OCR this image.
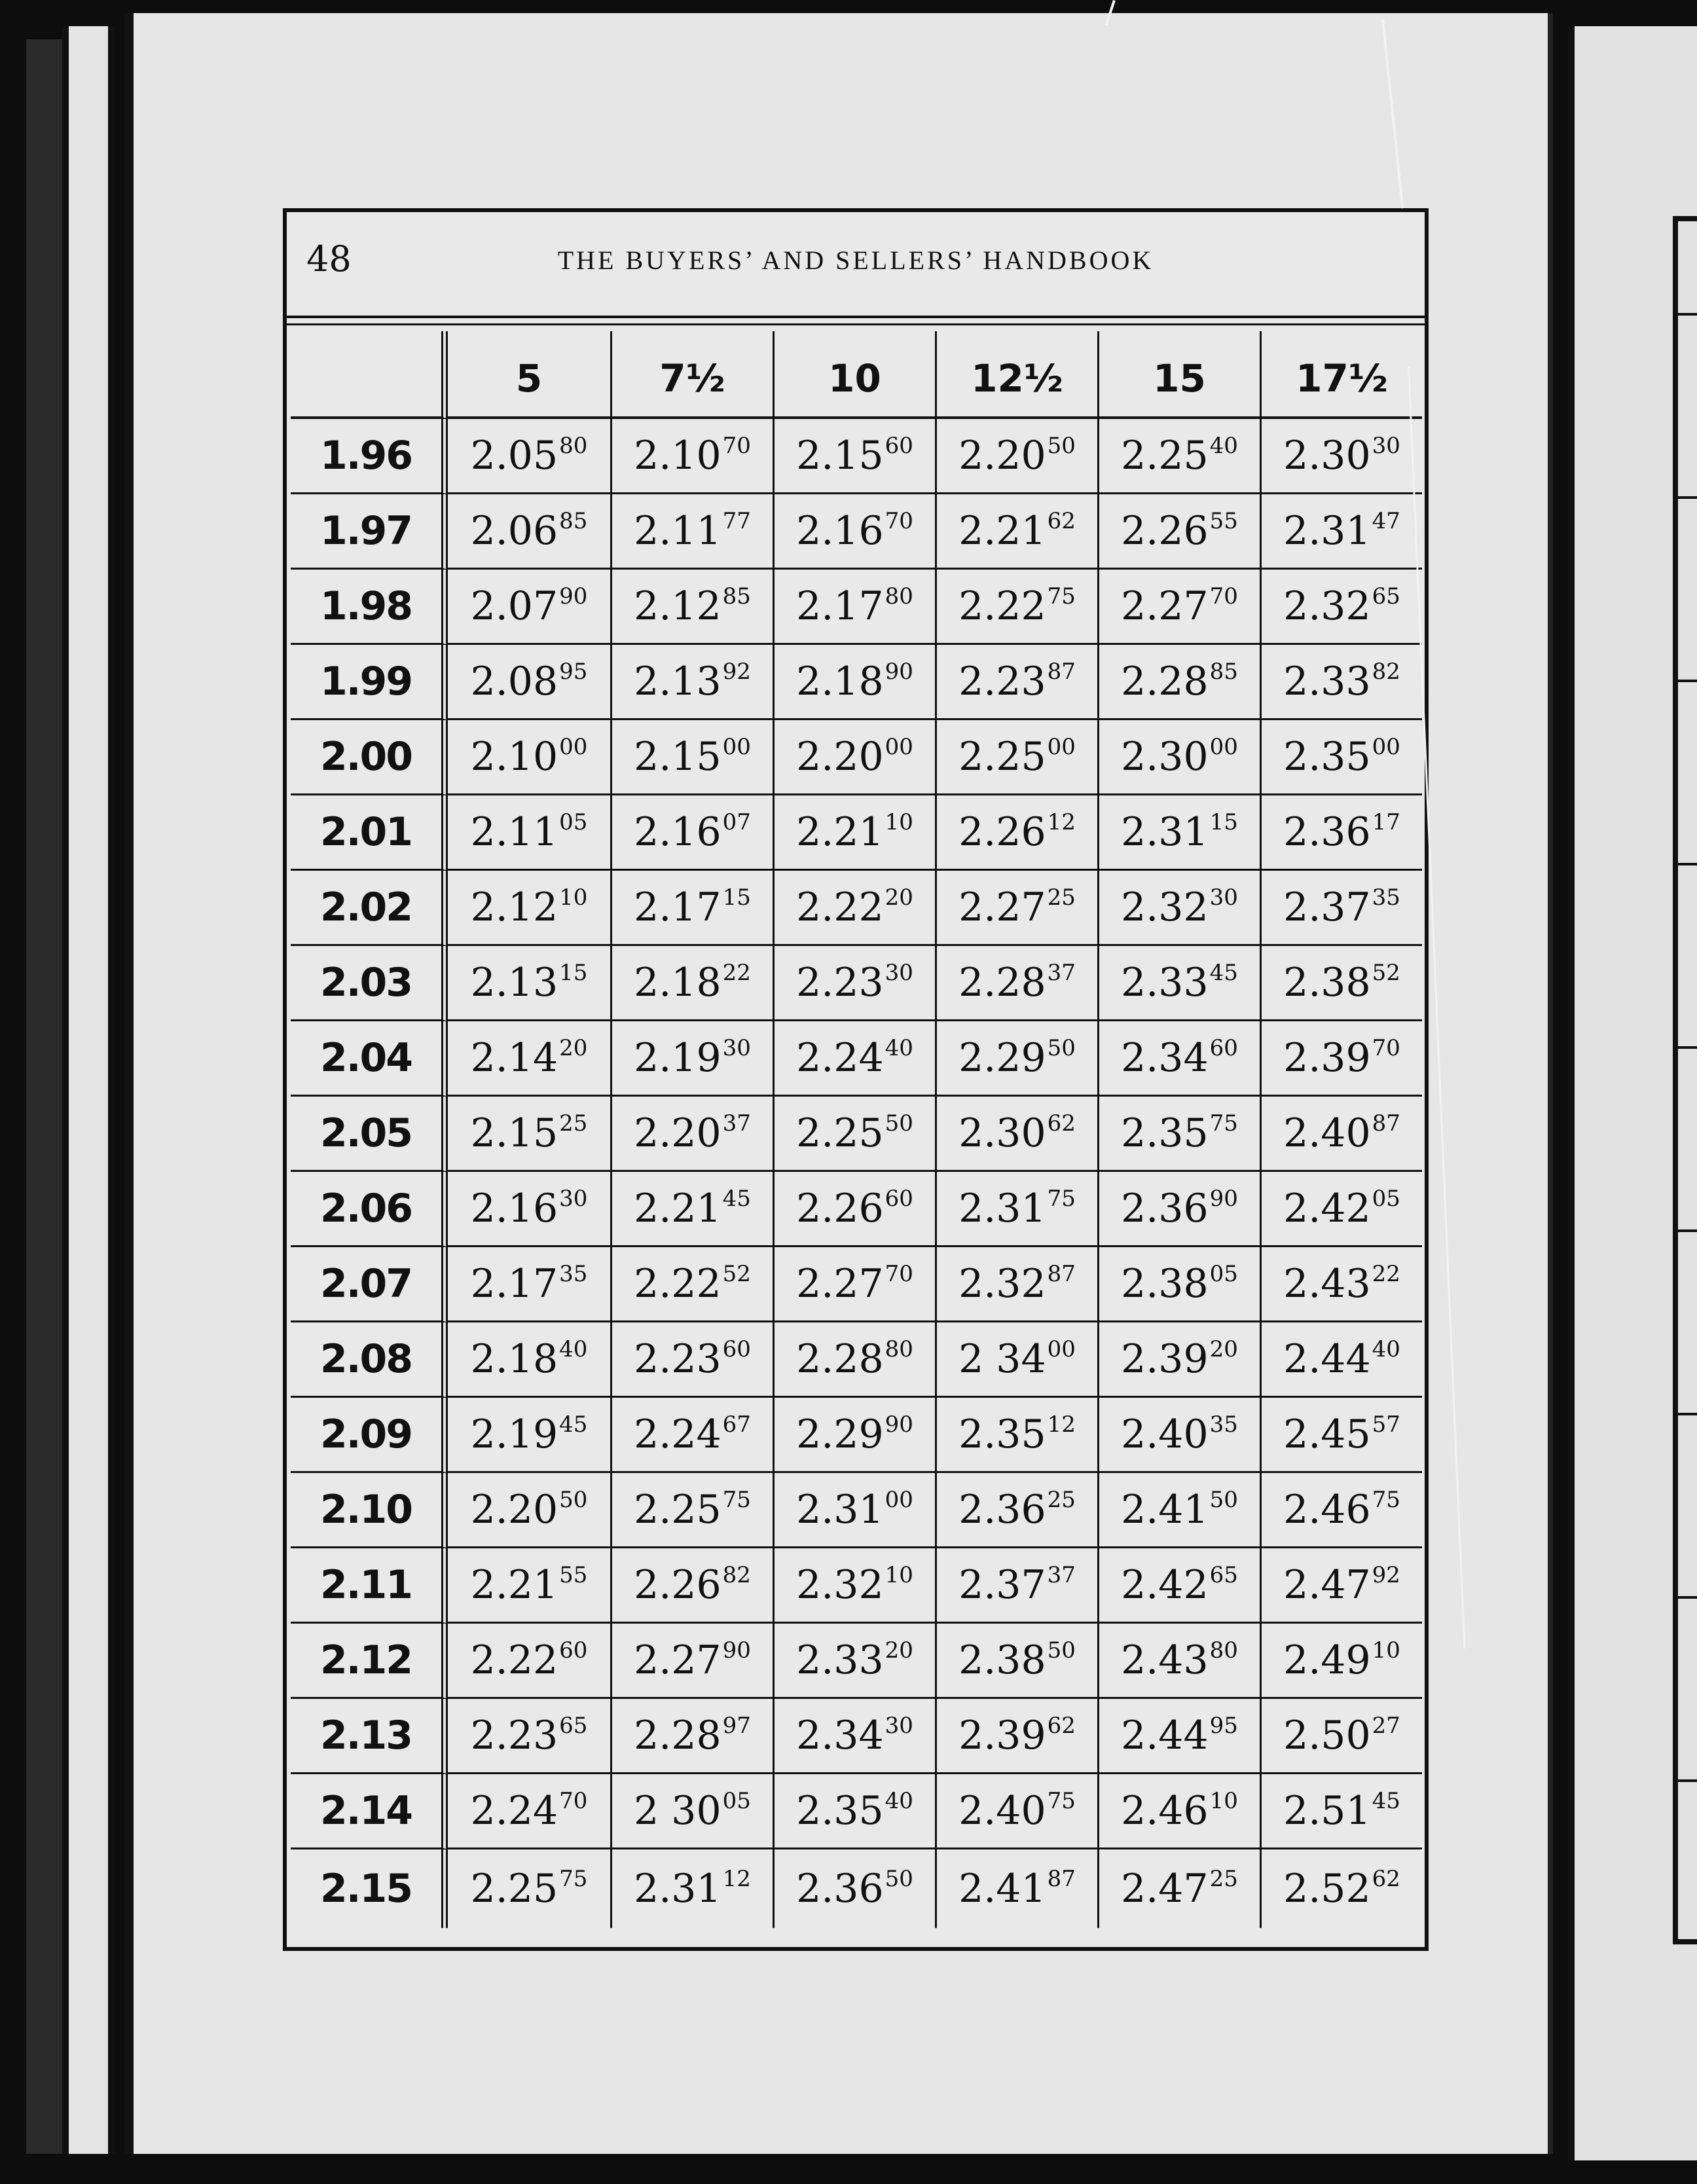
48	THE BUYERS’ AND SELLERS’ HANDBOOK
	5	7½	10	12½	15	17½
1.96	2.05$^{80}$	2.10$^{70}$	2.15$^{60}$	2.20$^{50}$	2.25$^{40}$	2.30$^{30}$
1.97	2.06$^{85}$	2.11$^{77}$	2.16$^{70}$	2.21$^{62}$	2.26$^{55}$	2.31$^{47}$
1.98	2.07$^{90}$	2.12$^{85}$	2.17$^{80}$	2.22$^{75}$	2.27$^{70}$	2.32$^{65}$
1.99	2.08$^{95}$	2.13$^{92}$	2.18$^{90}$	2.23$^{87}$	2.28$^{85}$	2.33$^{82}$
2.00	2.10$^{00}$	2.15$^{00}$	2.20$^{00}$	2.25$^{00}$	2.30$^{00}$	2.35$^{00}$
2.01	2.11$^{05}$	2.16$^{07}$	2.21$^{10}$	2.26$^{12}$	2.31$^{15}$	2.36$^{17}$
2.02	2.12$^{10}$	2.17$^{15}$	2.22$^{20}$	2.27$^{25}$	2.32$^{30}$	2.37$^{35}$
2.03	2.13$^{15}$	2.18$^{22}$	2.23$^{30}$	2.28$^{37}$	2.33$^{45}$	2.38$^{52}$
2.04	2.14$^{20}$	2.19$^{30}$	2.24$^{40}$	2.29$^{50}$	2.34$^{60}$	2.39$^{70}$
2.05	2.15$^{25}$	2.20$^{37}$	2.25$^{50}$	2.30$^{62}$	2.35$^{75}$	2.40$^{87}$
2.06	2.16$^{30}$	2.21$^{45}$	2.26$^{60}$	2.31$^{75}$	2.36$^{90}$	2.42$^{05}$
2.07	2.17$^{35}$	2.22$^{52}$	2.27$^{70}$	2.32$^{87}$	2.38$^{05}$	2.43$^{22}$
2.08	2.18$^{40}$	2.23$^{60}$	2.28$^{80}$	2 $34^{00}$	2.39$^{20}$	2.44$^{40}$
2.09	2.19$^{45}$	2.24$^{67}$	2.29$^{90}$	2.35$^{12}$	2.40$^{35}$	2.45$^{57}$
2.10	2.20$^{50}$	2.25$^{75}$	2.31$^{00}$	2.36$^{25}$	2.41$^{50}$	2.46$^{75}$
2.11	2.21$^{55}$	2.26$^{82}$	2.32$^{10}$	2.37$^{37}$	2.42$^{65}$	2.47$^{92}$
2.12	2.22$^{60}$	2.27$^{90}$	2.33$^{20}$	2.38$^{50}$	2.43$^{80}$	2.49$^{10}$
2.13	2.23$^{65}$	2.28$^{97}$	2.34$^{30}$	2.39$^{62}$	2.44$^{95}$	2.50$^{27}$
2.14	2.24$^{70}$	2 $30^{05}$	2.35$^{40}$	2.40$^{75}$	2.46$^{10}$	2.51$^{45}$
2.15	2.25$^{75}$	2.31$^{12}$	2.36$^{50}$	2.41$^{87}$	2.47$^{25}$	2.52$^{62}$
